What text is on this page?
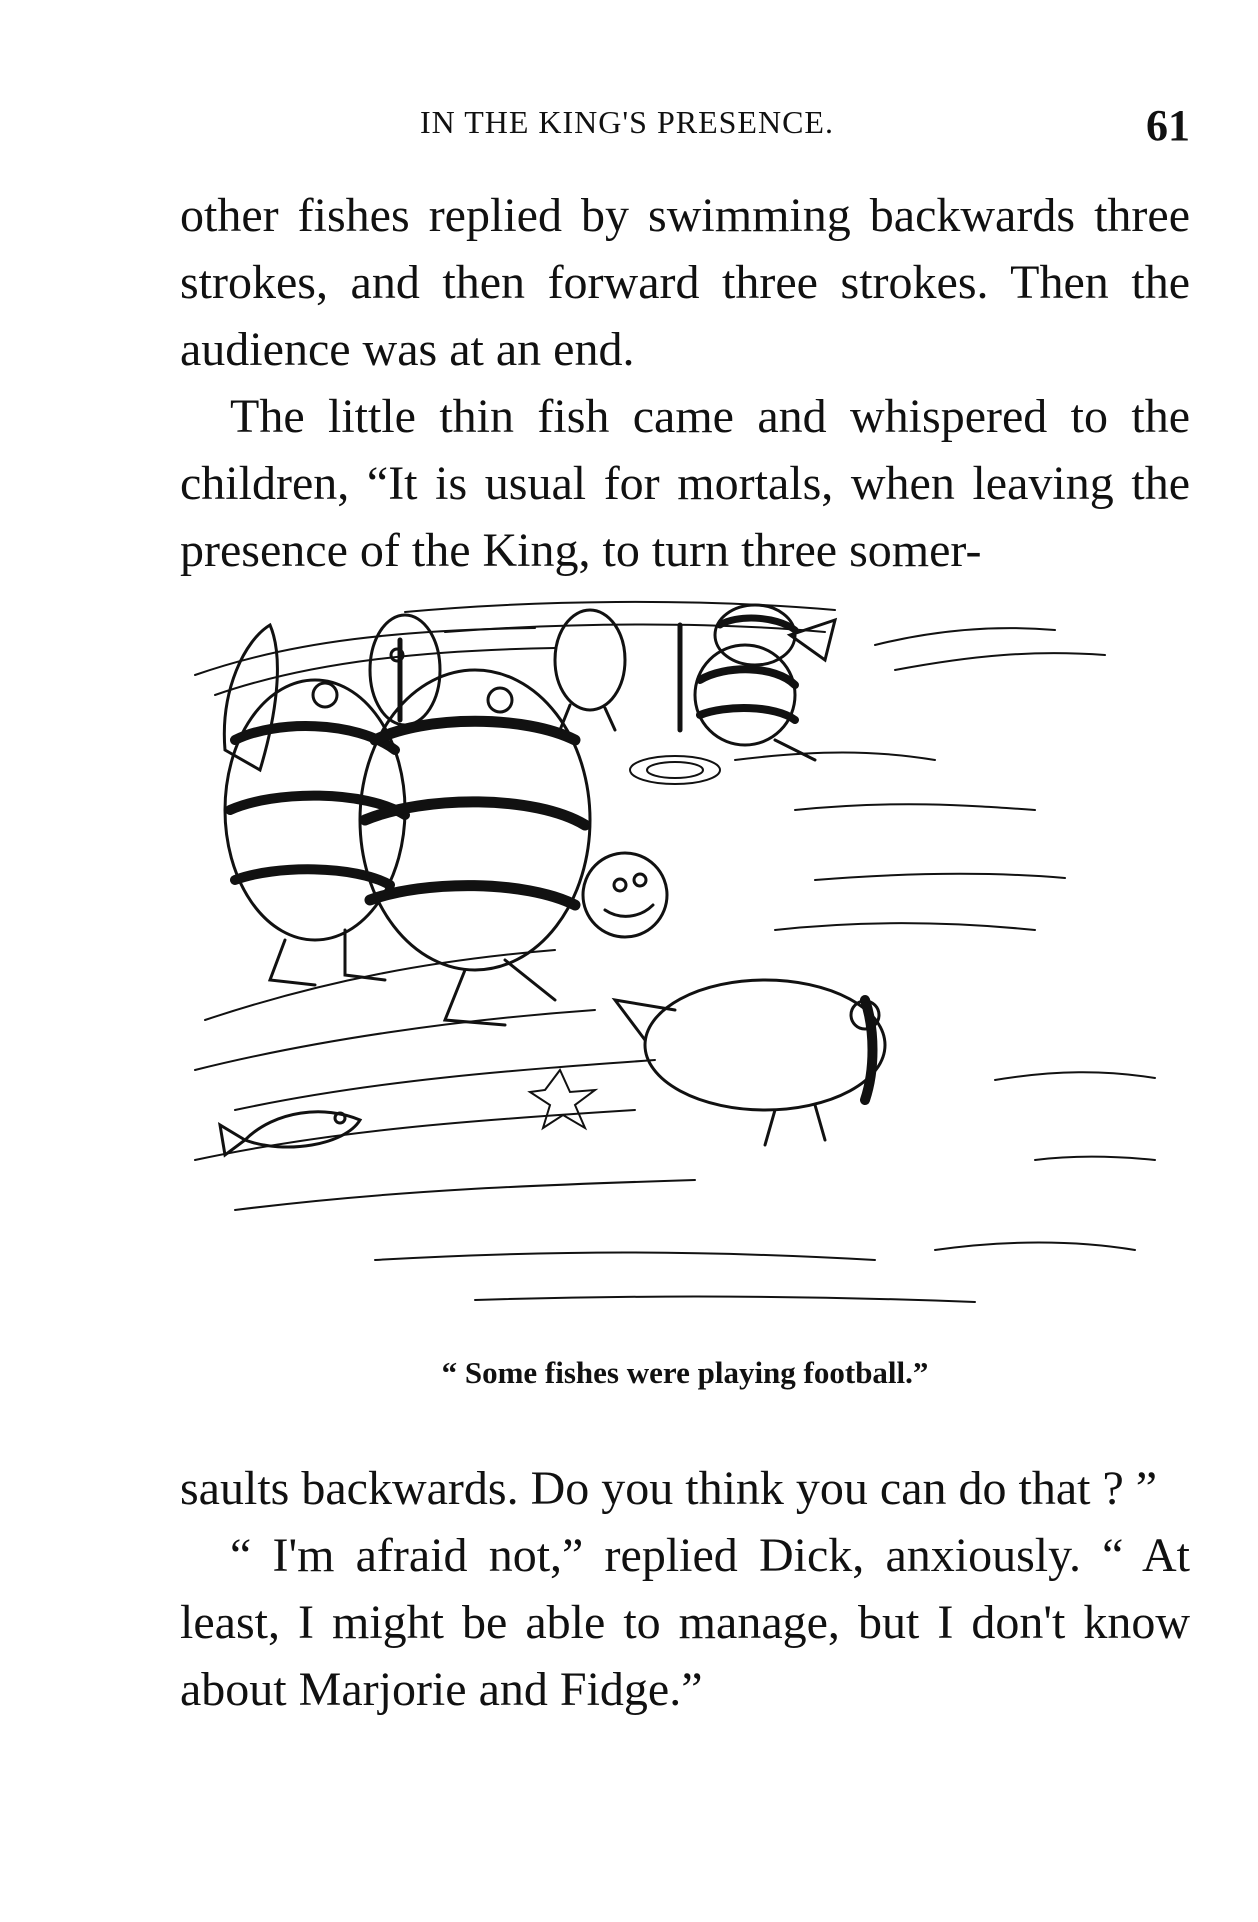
IN THE KING'S PRESENCE.	61

other fishes replied by swimming backwards three strokes, and then forward three strokes. Then the audience was at an end.

The little thin fish came and whispered to the children, “It is usual for mortals, when leaving the presence of the King, to turn three somer-

“ Some fishes were playing football.”

saults backwards. Do you think you can do that ? ”

“ I'm afraid not,” replied Dick, anxiously. “ At least, I might be able to manage, but I don't know about Marjorie and Fidge.”
